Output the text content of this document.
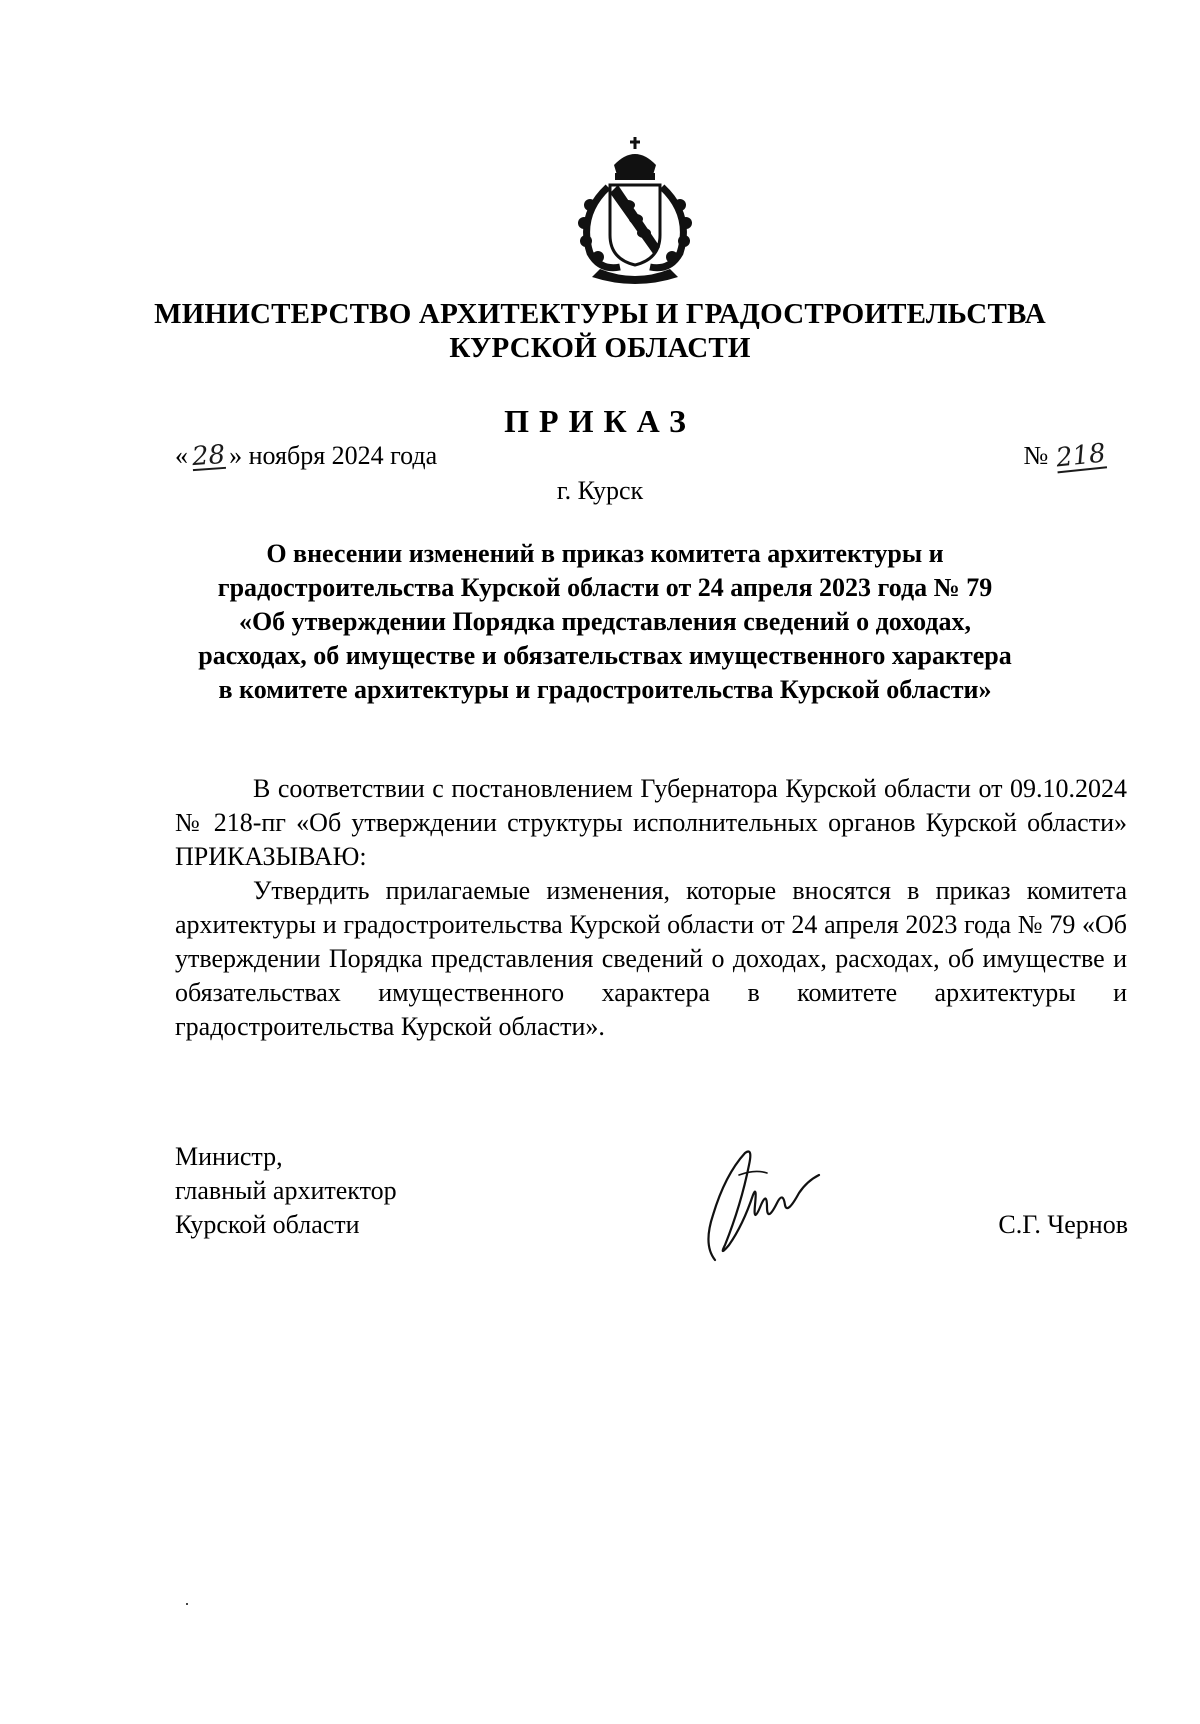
МИНИСТЕРСТВО АРХИТЕКТУРЫ И ГРАДОСТРОИТЕЛЬСТВА
КУРСКОЙ ОБЛАСТИ
ПРИКАЗ
« 28 » ноября 2024 года	№ 218
г. Курск
О внесении изменений в приказ комитета архитектуры и
градостроительства Курской области от 24 апреля 2023 года № 79
«Об утверждении Порядка представления сведений о доходах,
расходах, об имуществе и обязательствах имущественного характера
в комитете архитектуры и градостроительства Курской области»

В соответствии с постановлением Губернатора Курской области от 09.10.2024 № 218-пг «Об утверждении структуры исполнительных органов Курской области» ПРИКАЗЫВАЮ:

Утвердить прилагаемые изменения, которые вносятся в приказ комитета архитектуры и градостроительства Курской области от 24 апреля 2023 года № 79 «Об утверждении Порядка представления сведений о доходах, расходах, об имуществе и обязательствах имущественного характера в комитете архитектуры и градостроительства Курской области».

Министр,
главный архитектор
Курской области	С.Г. Чернов
